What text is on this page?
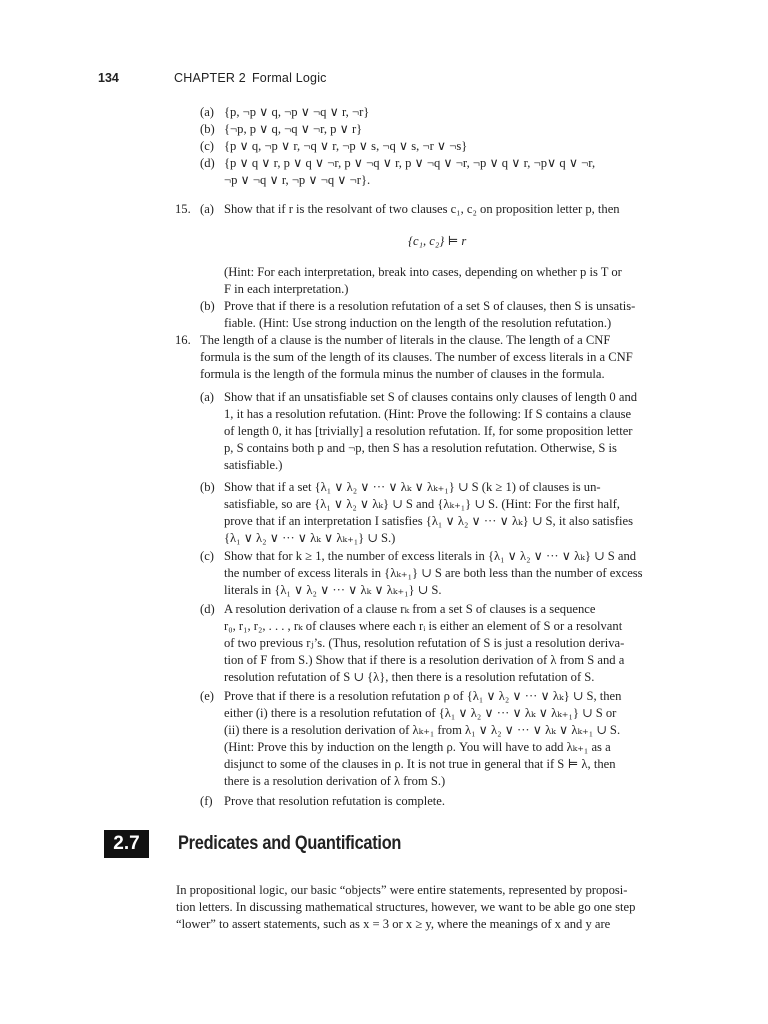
134	CHAPTER 2 Formal Logic
(a) {p, ¬p ∨ q, ¬p ∨ ¬q ∨ r, ¬r}
(b) {¬p, p ∨ q, ¬q ∨ ¬r, p ∨ r}
(c) {p ∨ q, ¬p ∨ r, ¬q ∨ r, ¬p ∨ s, ¬q ∨ s, ¬r ∨ ¬s}
(d) {p ∨ q ∨ r, p ∨ q ∨ ¬r, p ∨ ¬q ∨ r, p ∨ ¬q ∨ ¬r, ¬p ∨ q ∨ r, ¬p∨ q ∨ ¬r,
¬p ∨ ¬q ∨ r, ¬p ∨ ¬q ∨ ¬r}.
15. (a) Show that if r is the resolvant of two clauses c₁, c₂ on proposition letter p, then
{c₁, c₂} ⊨ r
(Hint: For each interpretation, break into cases, depending on whether p is T or
F in each interpretation.)
(b) Prove that if there is a resolution refutation of a set S of clauses, then S is unsatis-
fiable. (Hint: Use strong induction on the length of the resolution refutation.)
16. The length of a clause is the number of literals in the clause. The length of a CNF
formula is the sum of the length of its clauses. The number of excess literals in a CNF
formula is the length of the formula minus the number of clauses in the formula.
(a) Show that if an unsatisfiable set S of clauses contains only clauses of length 0 and
1, it has a resolution refutation. (Hint: Prove the following: If S contains a clause
of length 0, it has [trivially] a resolution refutation. If, for some proposition letter
p, S contains both p and ¬p, then S has a resolution refutation. Otherwise, S is
satisfiable.)
(b) Show that if a set {λ₁ ∨ λ₂ ∨ ··· ∨ λₖ ∨ λₖ₊₁} ∪ S (k ≥ 1) of clauses is un-
satisfiable, so are {λ₁ ∨ λ₂ ∨ λₖ} ∪ S and {λₖ₊₁} ∪ S. (Hint: For the first half,
prove that if an interpretation I satisfies {λ₁ ∨ λ₂ ∨ ··· ∨ λₖ} ∪ S, it also satisfies
{λ₁ ∨ λ₂ ∨ ··· ∨ λₖ ∨ λₖ₊₁} ∪ S.)
(c) Show that for k ≥ 1, the number of excess literals in {λ₁ ∨ λ₂ ∨ ··· ∨ λₖ} ∪ S and
the number of excess literals in {λₖ₊₁} ∪ S are both less than the number of excess
literals in {λ₁ ∨ λ₂ ∨ ··· ∨ λₖ ∨ λₖ₊₁} ∪ S.
(d) A resolution derivation of a clause rₖ from a set S of clauses is a sequence
r₀, r₁, r₂, . . . , rₖ of clauses where each rᵢ is either an element of S or a resolvant
of two previous rⱼ’s. (Thus, resolution refutation of S is just a resolution deriva-
tion of F from S.) Show that if there is a resolution derivation of λ from S and a
resolution refutation of S ∪ {λ}, then there is a resolution refutation of S.
(e) Prove that if there is a resolution refutation ρ of {λ₁ ∨ λ₂ ∨ ··· ∨ λₖ} ∪ S, then
either (i) there is a resolution refutation of {λ₁ ∨ λ₂ ∨ ··· ∨ λₖ ∨ λₖ₊₁} ∪ S or
(ii) there is a resolution derivation of λₖ₊₁ from λ₁ ∨ λ₂ ∨ ··· ∨ λₖ ∨ λₖ₊₁ ∪ S.
(Hint: Prove this by induction on the length ρ. You will have to add λₖ₊₁ as a
disjunct to some of the clauses in ρ. It is not true in general that if S ⊨ λ, then
there is a resolution derivation of λ from S.)
(f) Prove that resolution refutation is complete.
2.7	Predicates and Quantification
In propositional logic, our basic “objects” were entire statements, represented by proposi-
tion letters. In discussing mathematical structures, however, we want to be able go one step
“lower” to assert statements, such as x = 3 or x ≥ y, where the meanings of x and y are
